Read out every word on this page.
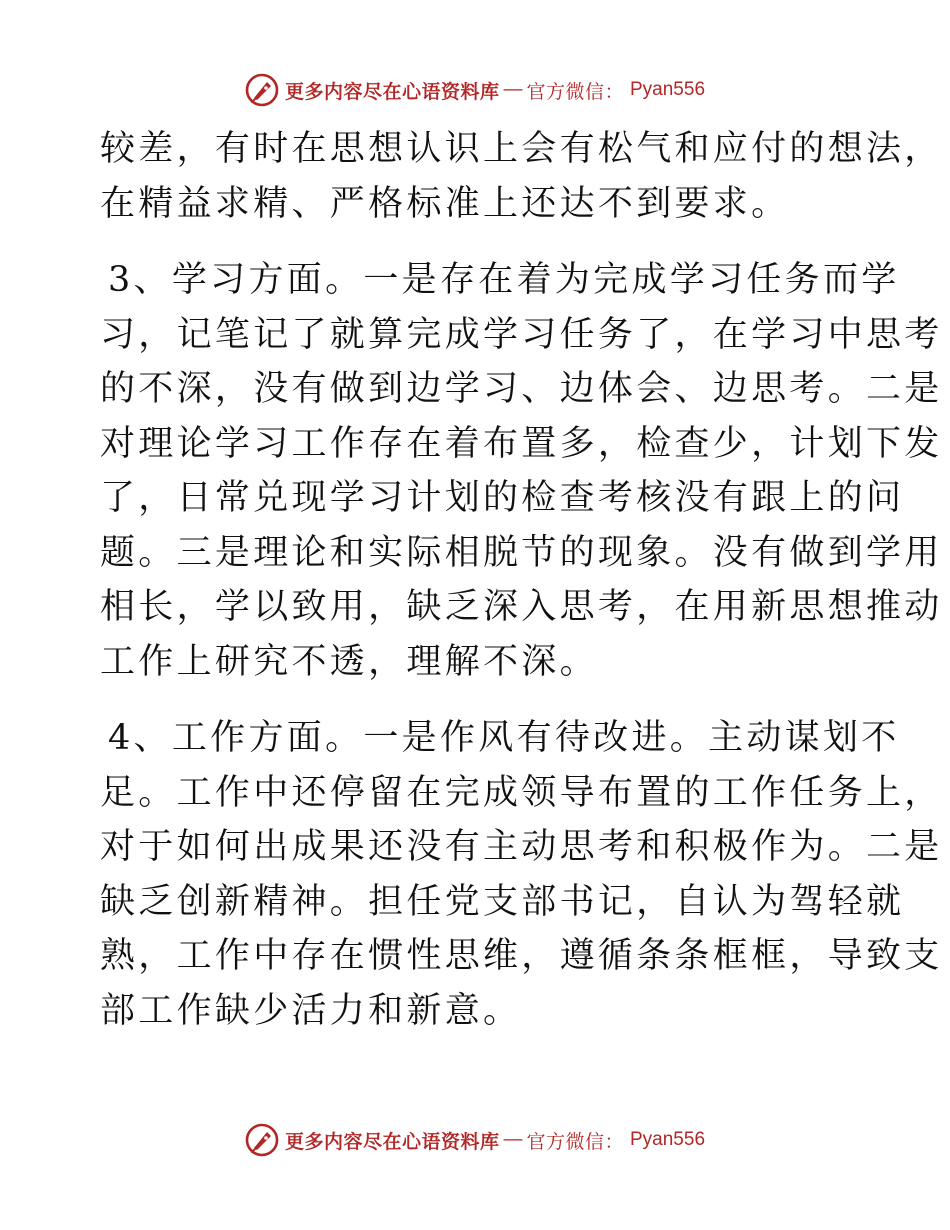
更多内容尽在心语资料库 — 官方微信： Pyan556

较差，有时在思想认识上会有松气和应付的想法，
在精益求精、严格标准上还达不到要求。

3、学习方面。一是存在着为完成学习任务而学
习，记笔记了就算完成学习任务了，在学习中思考
的不深，没有做到边学习、边体会、边思考。二是
对理论学习工作存在着布置多，检查少，计划下发
了，日常兑现学习计划的检查考核没有跟上的问
题。三是理论和实际相脱节的现象。没有做到学用
相长，学以致用，缺乏深入思考，在用新思想推动
工作上研究不透，理解不深。

4、工作方面。一是作风有待改进。主动谋划不
足。工作中还停留在完成领导布置的工作任务上，
对于如何出成果还没有主动思考和积极作为。二是
缺乏创新精神。担任党支部书记，自认为驾轻就
熟，工作中存在惯性思维，遵循条条框框，导致支
部工作缺少活力和新意。

更多内容尽在心语资料库 — 官方微信： Pyan556
